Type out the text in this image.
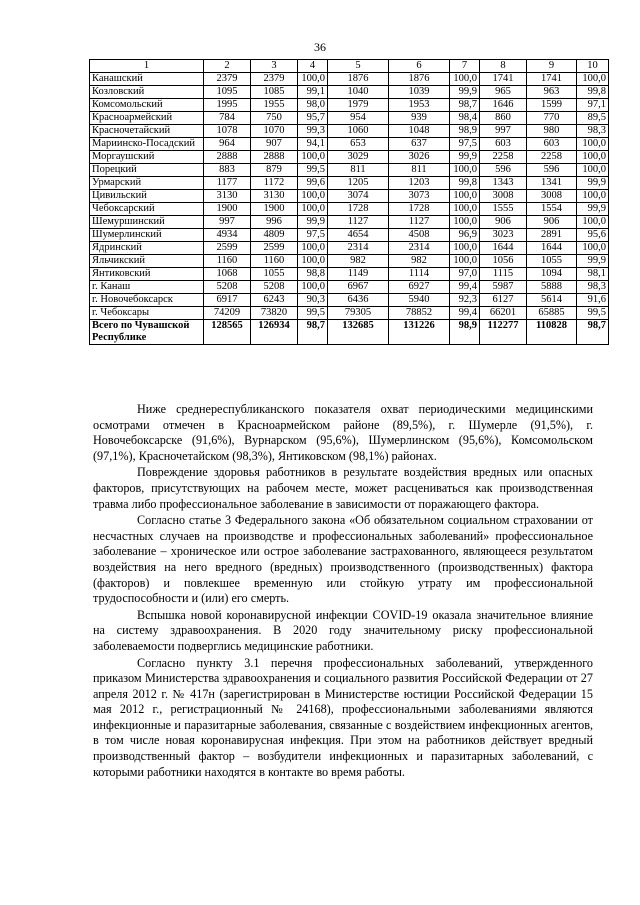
36
1	2	3	4	5	6	7	8	9	10
Канашский	2379	2379	100,0	1876	1876	100,0	1741	1741	100,0
Козловский	1095	1085	99,1	1040	1039	99,9	965	963	99,8
Комсомольский	1995	1955	98,0	1979	1953	98,7	1646	1599	97,1
Красноармейский	784	750	95,7	954	939	98,4	860	770	89,5
Красночетайский	1078	1070	99,3	1060	1048	98,9	997	980	98,3
Мариинско-Посадский	964	907	94,1	653	637	97,5	603	603	100,0
Моргаушский	2888	2888	100,0	3029	3026	99,9	2258	2258	100,0
Порецкий	883	879	99,5	811	811	100,0	596	596	100,0
Урмарский	1177	1172	99,6	1205	1203	99,8	1343	1341	99,9
Цивильский	3130	3130	100,0	3074	3073	100,0	3008	3008	100,0
Чебоксарский	1900	1900	100,0	1728	1728	100,0	1555	1554	99,9
Шемуршинский	997	996	99,9	1127	1127	100,0	906	906	100,0
Шумерлинский	4934	4809	97,5	4654	4508	96,9	3023	2891	95,6
Ядринский	2599	2599	100,0	2314	2314	100,0	1644	1644	100,0
Яльчикский	1160	1160	100,0	982	982	100,0	1056	1055	99,9
Янтиковский	1068	1055	98,8	1149	1114	97,0	1115	1094	98,1
г. Канаш	5208	5208	100,0	6967	6927	99,4	5987	5888	98,3
г. Новочебоксарск	6917	6243	90,3	6436	5940	92,3	6127	5614	91,6
г. Чебоксары	74209	73820	99,5	79305	78852	99,4	66201	65885	99,5
Всего по Чувашской Республике	128565	126934	98,7	132685	131226	98,9	112277	110828	98,7

Ниже среднереспубликанского показателя охват периодическими медицинскими осмотрами отмечен в Красноармейском районе (89,5%), г. Шумерле (91,5%), г. Новочебоксарске (91,6%), Вурнарском (95,6%), Шумерлинском (95,6%), Комсомольском (97,1%), Красночетайском (98,3%), Янтиковском (98,1%) районах.

Повреждение здоровья работников в результате воздействия вредных или опасных факторов, присутствующих на рабочем месте, может расцениваться как производственная травма либо профессиональное заболевание в зависимости от поражающего фактора.

Согласно статье 3 Федерального закона «Об обязательном социальном страховании от несчастных случаев на производстве и профессиональных заболеваний» профессиональное заболевание – хроническое или острое заболевание застрахованного, являющееся результатом воздействия на него вредного (вредных) производственного (производственных) фактора (факторов) и повлекшее временную или стойкую утрату им профессиональной трудоспособности и (или) его смерть.

Вспышка новой коронавирусной инфекции COVID-19 оказала значительное влияние на систему здравоохранения. В 2020 году значительному риску профессиональной заболеваемости подверглись медицинские работники.

Согласно пункту 3.1 перечня профессиональных заболеваний, утвержденного приказом Министерства здравоохранения и социального развития Российской Федерации от 27 апреля 2012 г. № 417н (зарегистрирован в Министерстве юстиции Российской Федерации 15 мая 2012 г., регистрационный № 24168), профессиональными заболеваниями являются инфекционные и паразитарные заболевания, связанные с воздействием инфекционных агентов, в том числе новая коронавирусная инфекция. При этом на работников действует вредный производственный фактор – возбудители инфекционных и паразитарных заболеваний, с которыми работники находятся в контакте во время работы.
